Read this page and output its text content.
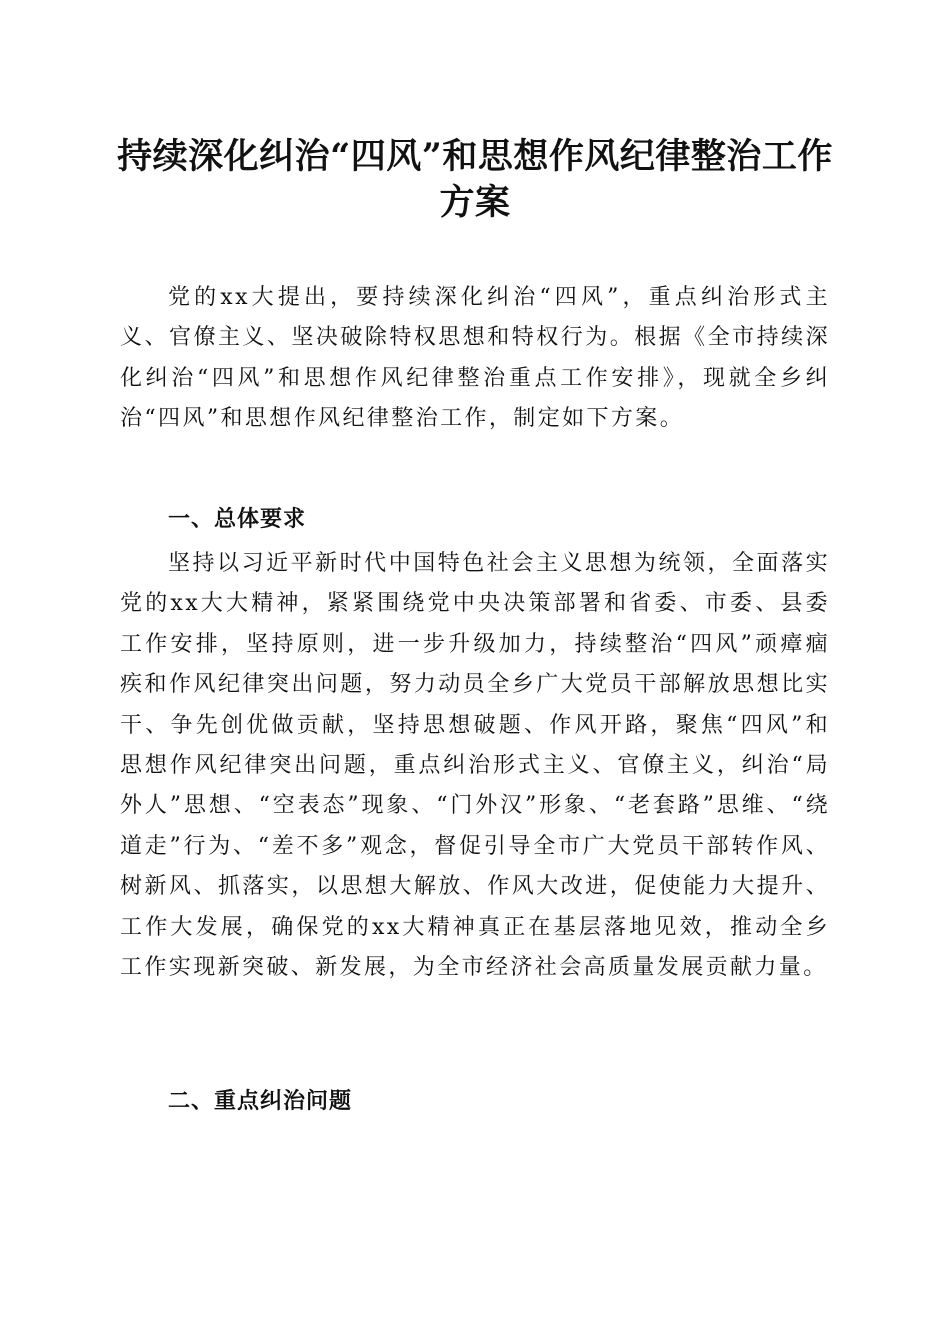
持续深化纠治“四风”和思想作风纪律整治工作方案

党的xx大提出，要持续深化纠治“四风”，重点纠治形式主义、官僚主义、坚决破除特权思想和特权行为。根据《全市持续深化纠治“四风”和思想作风纪律整治重点工作安排》，现就全乡纠治“四风”和思想作风纪律整治工作，制定如下方案。

一、总体要求

坚持以习近平新时代中国特色社会主义思想为统领，全面落实党的xx大大精神，紧紧围绕党中央决策部署和省委、市委、县委工作安排，坚持原则，进一步升级加力，持续整治“四风”顽瘴痼疾和作风纪律突出问题，努力动员全乡广大党员干部解放思想比实干、争先创优做贡献，坚持思想破题、作风开路，聚焦“四风”和思想作风纪律突出问题，重点纠治形式主义、官僚主义，纠治“局外人”思想、“空表态”现象、“门外汉”形象、“老套路”思维、“绕道走”行为、“差不多”观念，督促引导全市广大党员干部转作风、树新风、抓落实，以思想大解放、作风大改进，促使能力大提升、工作大发展，确保党的xx大精神真正在基层落地见效，推动全乡工作实现新突破、新发展，为全市经济社会高质量发展贡献力量。

二、重点纠治问题
